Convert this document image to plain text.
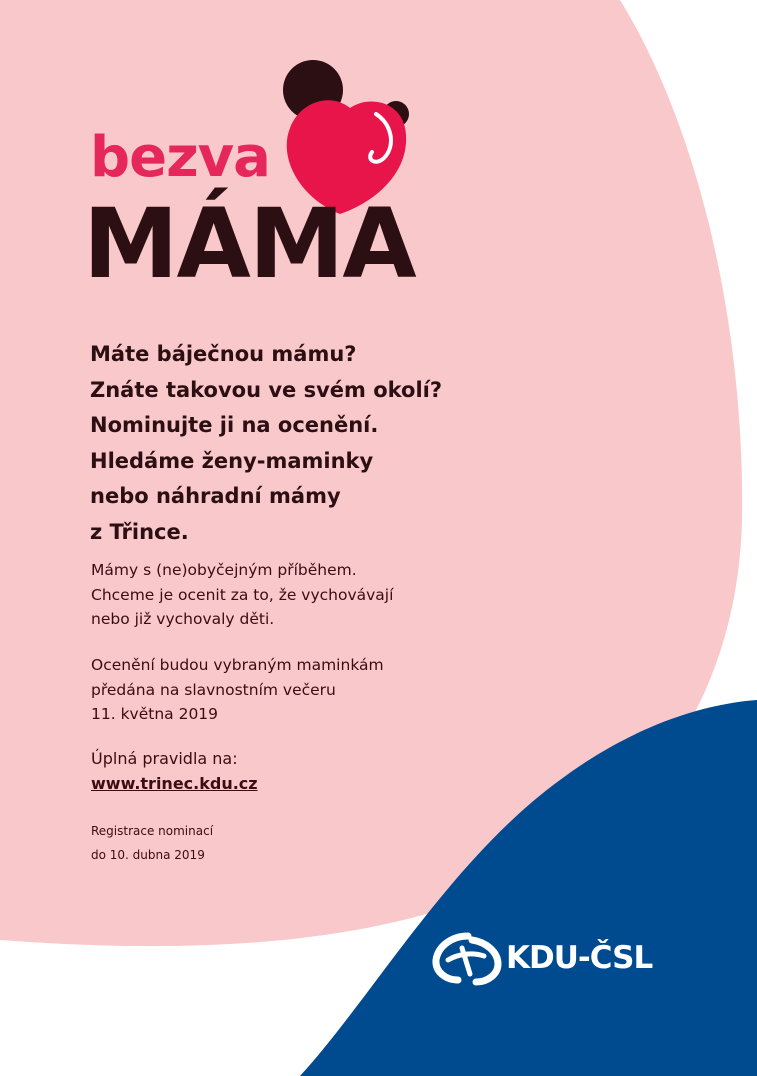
bezva
MÁMA
Máte báječnou mámu?
Znáte takovou ve svém okolí?
Nominujte ji na ocenění.
Hledáme ženy-maminky
nebo náhradní mámy
z Třince.
Mámy s (ne)obyčejným příběhem.
Chceme je ocenit za to, že vychovávají
nebo již vychovaly děti.
Ocenění budou vybraným maminkám
předána na slavnostním večeru
11. května 2019
Úplná pravidla na:
www.trinec.kdu.cz
Registrace nominací
do 10. dubna 2019
KDU-ČSL
